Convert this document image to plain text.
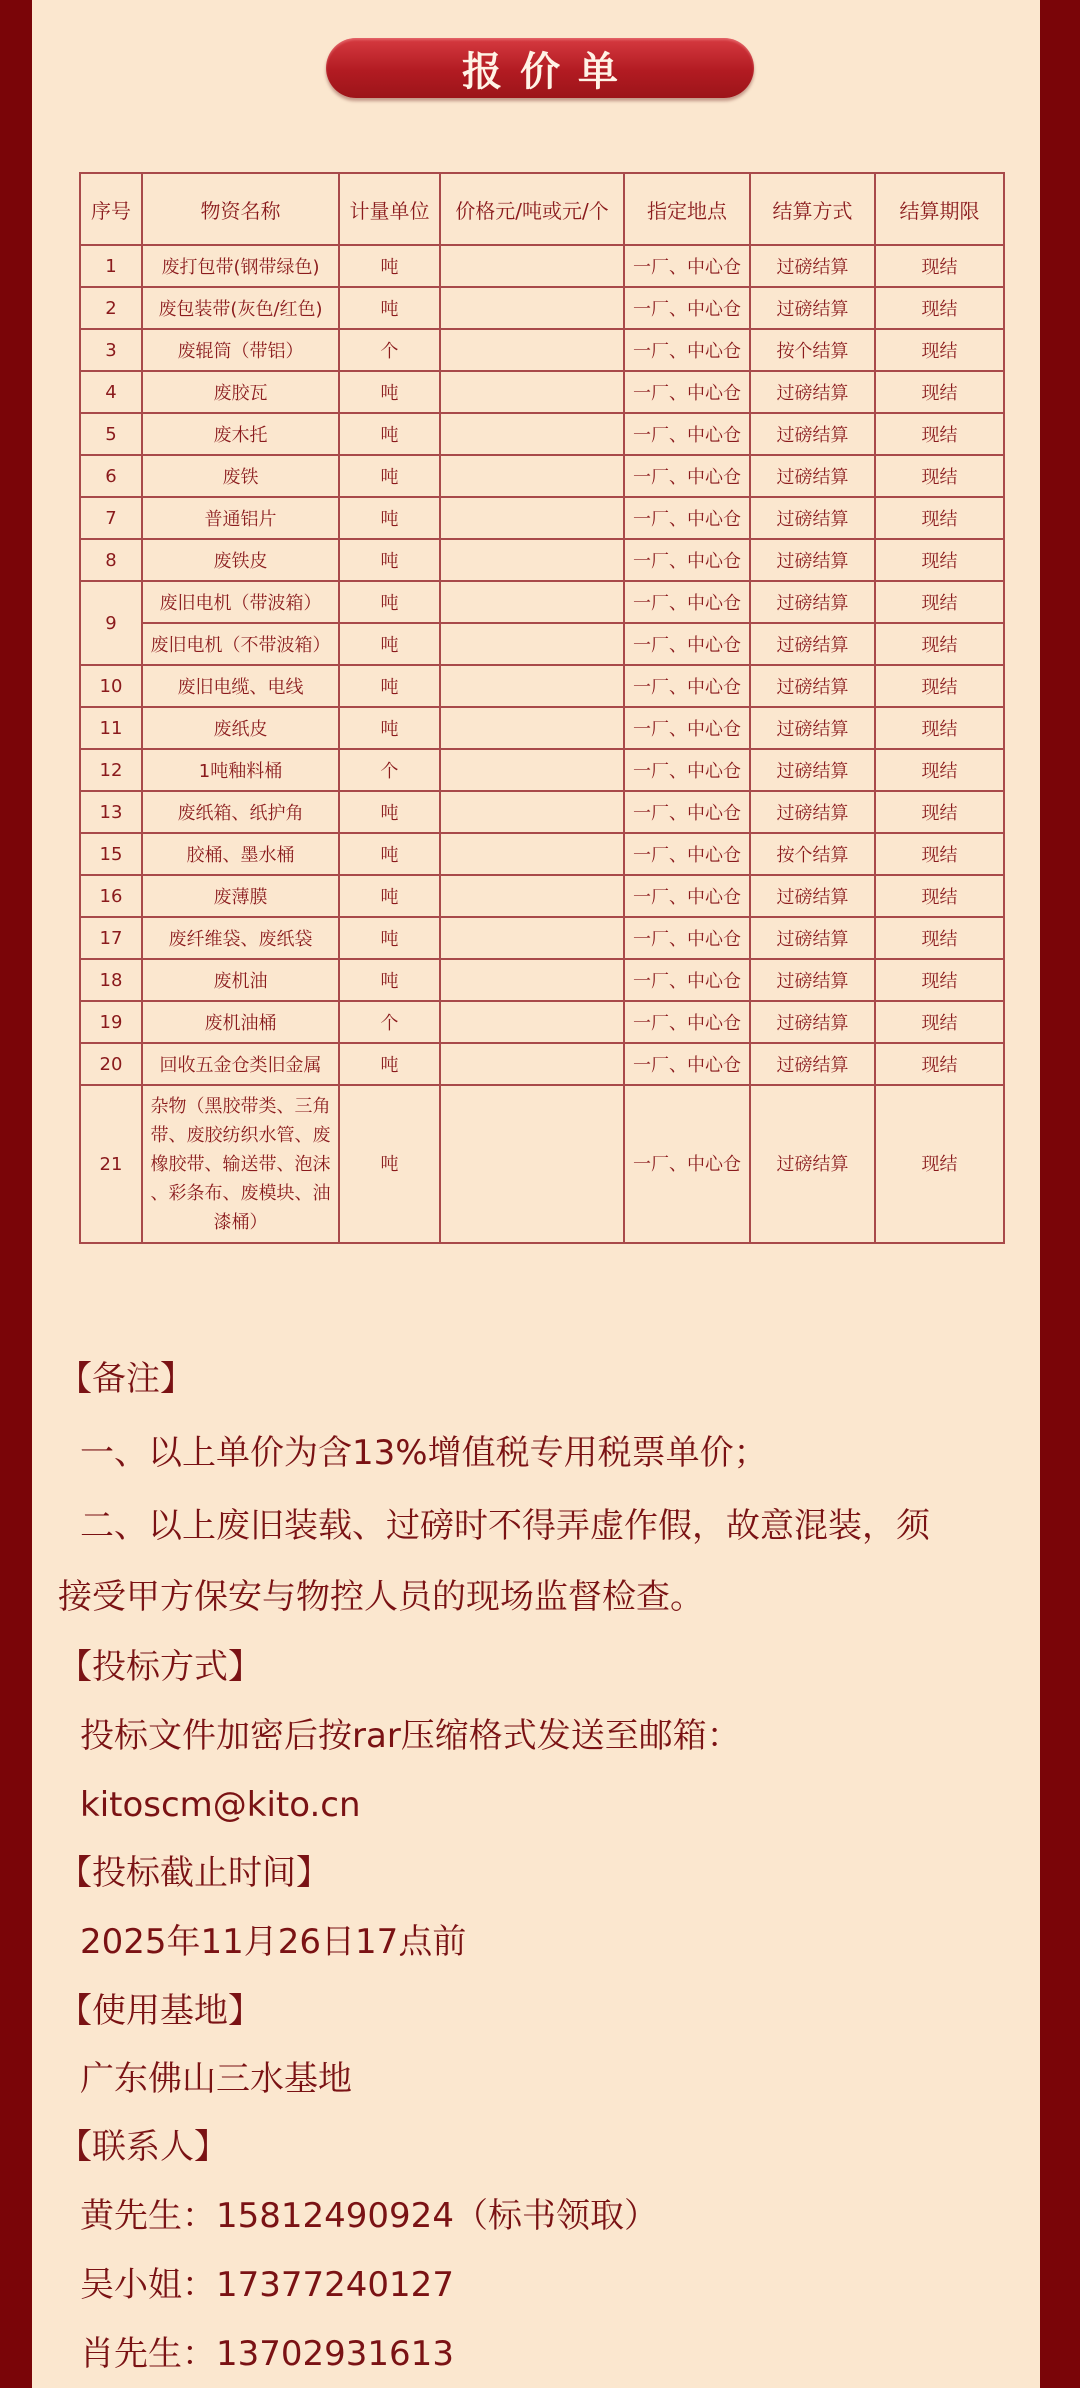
报价单
序号	物资名称	计量单位	价格元/吨或元/个	指定地点	结算方式	结算期限
1	废打包带(钢带绿色)	吨		一厂、中心仓	过磅结算	现结
2	废包装带(灰色/红色)	吨		一厂、中心仓	过磅结算	现结
3	废辊筒（带铝）	个		一厂、中心仓	按个结算	现结
4	废胶瓦	吨		一厂、中心仓	过磅结算	现结
5	废木托	吨		一厂、中心仓	过磅结算	现结
6	废铁	吨		一厂、中心仓	过磅结算	现结
7	普通铝片	吨		一厂、中心仓	过磅结算	现结
8	废铁皮	吨		一厂、中心仓	过磅结算	现结
9	废旧电机（带波箱）	吨		一厂、中心仓	过磅结算	现结
	废旧电机（不带波箱）	吨		一厂、中心仓	过磅结算	现结
10	废旧电缆、电线	吨		一厂、中心仓	过磅结算	现结
11	废纸皮	吨		一厂、中心仓	过磅结算	现结
12	1吨釉料桶	个		一厂、中心仓	过磅结算	现结
13	废纸箱、纸护角	吨		一厂、中心仓	过磅结算	现结
15	胶桶、墨水桶	吨		一厂、中心仓	按个结算	现结
16	废薄膜	吨		一厂、中心仓	过磅结算	现结
17	废纤维袋、废纸袋	吨		一厂、中心仓	过磅结算	现结
18	废机油	吨		一厂、中心仓	过磅结算	现结
19	废机油桶	个		一厂、中心仓	过磅结算	现结
20	回收五金仓类旧金属	吨		一厂、中心仓	过磅结算	现结
21	杂物（黑胶带类、三角
带、废胶纺织水管、废
橡胶带、输送带、泡沫
、彩条布、废模块、油
漆桶）	吨		一厂、中心仓	过磅结算	现结
【备注】
一、以上单价为含13%增值税专用税票单价；
二、以上废旧装载、过磅时不得弄虚作假，故意混装，须
接受甲方保安与物控人员的现场监督检查。
【投标方式】
投标文件加密后按rar压缩格式发送至邮箱：
kitoscm@kito.cn
【投标截止时间】
2025年11月26日17点前
【使用基地】
广东佛山三水基地
【联系人】
黄先生：15812490924（标书领取）
吴小姐：17377240127
肖先生：13702931613
